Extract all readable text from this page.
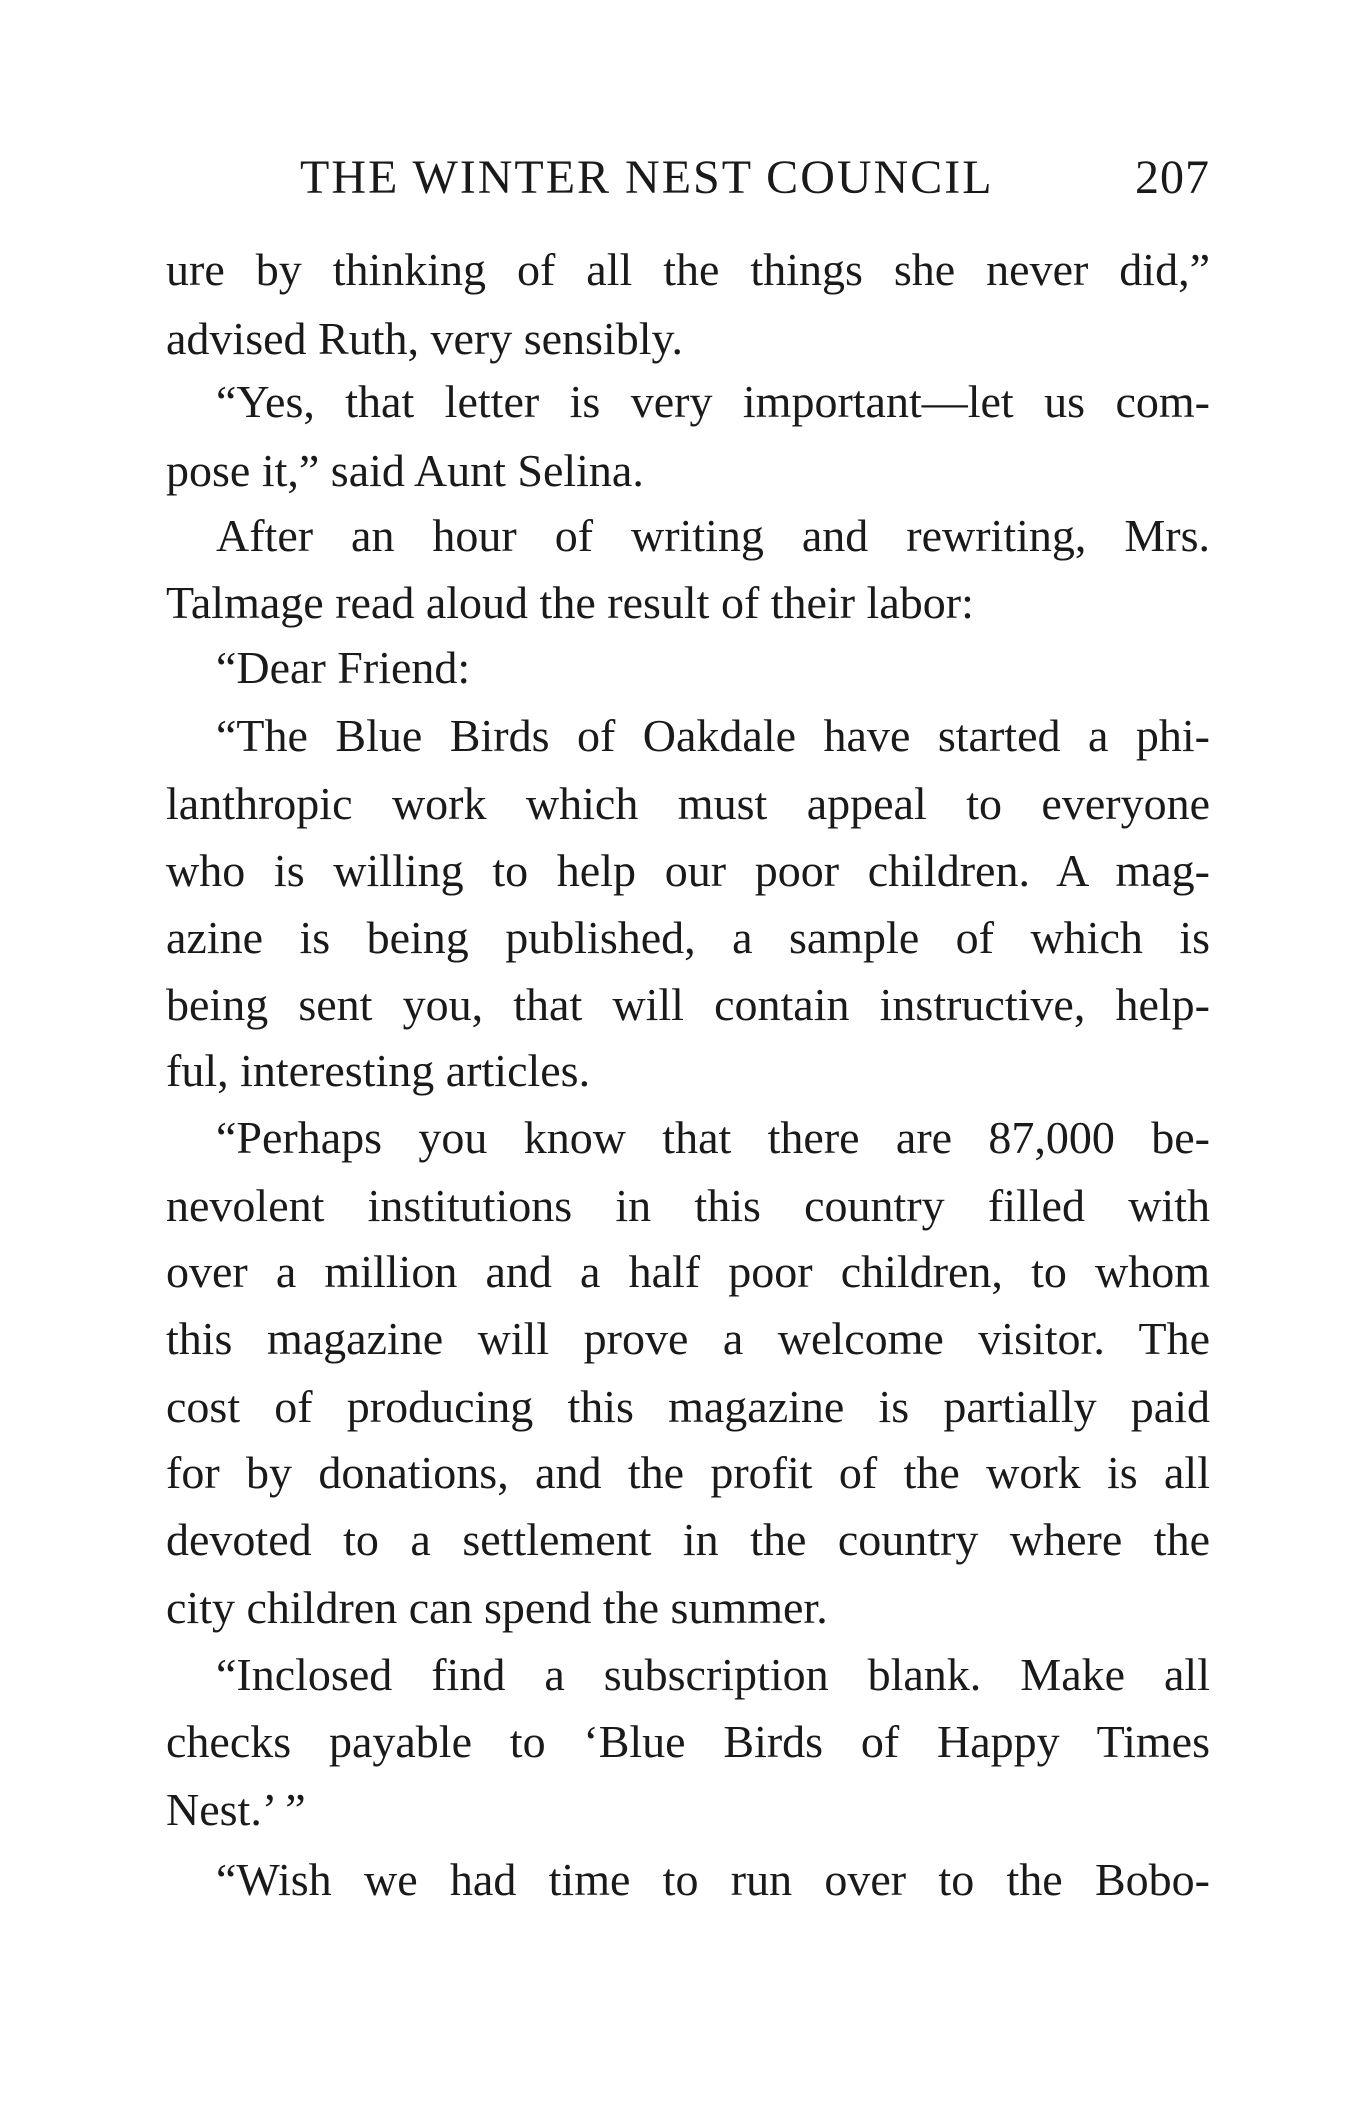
THE WINTER NEST COUNCIL	207
ure by thinking of all the things she never did,”
advised Ruth, very sensibly.
“Yes, that letter is very important—let us com-
pose it,” said Aunt Selina.
After an hour of writing and rewriting, Mrs.
Talmage read aloud the result of their labor:
“Dear Friend:
“The Blue Birds of Oakdale have started a phi-
lanthropic work which must appeal to everyone
who is willing to help our poor children. A mag-
azine is being published, a sample of which is
being sent you, that will contain instructive, help-
ful, interesting articles.
“Perhaps you know that there are 87,000 be-
nevolent institutions in this country filled with
over a million and a half poor children, to whom
this magazine will prove a welcome visitor. The
cost of producing this magazine is partially paid
for by donations, and the profit of the work is all
devoted to a settlement in the country where the
city children can spend the summer.
“Inclosed find a subscription blank. Make all
checks payable to ‘Blue Birds of Happy Times
Nest.’ ”
“Wish we had time to run over to the Bobo-
